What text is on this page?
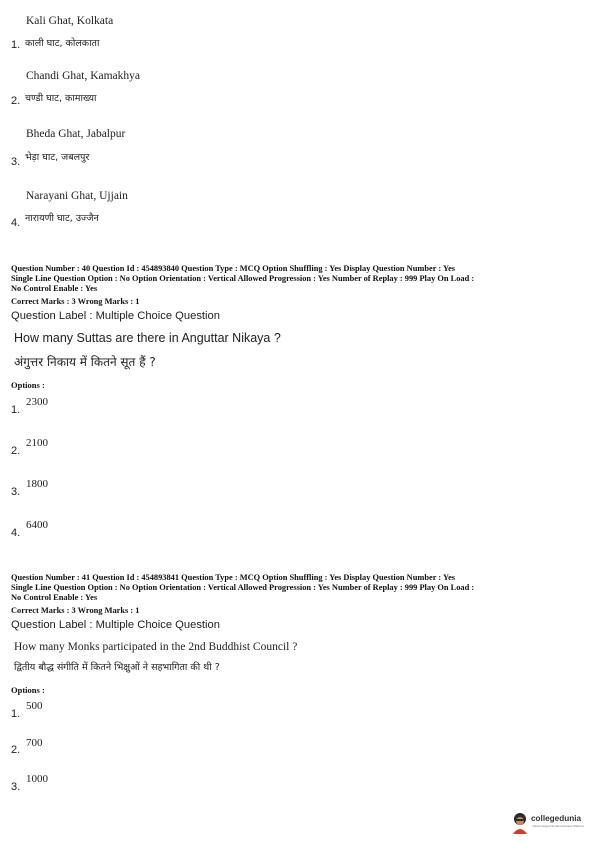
Kali Ghat, Kolkata
1. काली घाट, कोलकाता
Chandi Ghat, Kamakhya
2. चण्डी घाट, कामाख्या
Bheda Ghat, Jabalpur
3. भेड़ा घाट, जबलपुर
Narayani Ghat, Ujjain
4. नारायणी घाट, उज्जैन
Question Number : 40 Question Id : 454893840 Question Type : MCQ Option Shuffling : Yes Display Question Number : Yes
Single Line Question Option : No Option Orientation : Vertical Allowed Progression : Yes Number of Replay : 999 Play On Load :
No Control Enable : Yes
Correct Marks : 3 Wrong Marks : 1
Question Label : Multiple Choice Question
How many Suttas are there in Anguttar Nikaya ?
अंगुत्तर निकाय में कितने सूत हैं ?
Options :
1.
2300
2.
2100
3.
1800
4.
6400
Question Number : 41 Question Id : 454893841 Question Type : MCQ Option Shuffling : Yes Display Question Number : Yes
Single Line Question Option : No Option Orientation : Vertical Allowed Progression : Yes Number of Replay : 999 Play On Load :
No Control Enable : Yes
Correct Marks : 3 Wrong Marks : 1
Question Label : Multiple Choice Question
How many Monks participated in the 2nd Buddhist Council ?
द्वितीय बौद्ध संगीति में कितने भिक्षुओं ने सहभागिता की थी ?
Options :
1.
500
2.
700
3.
1000
collegedunia
India's largest Student Review Platform
